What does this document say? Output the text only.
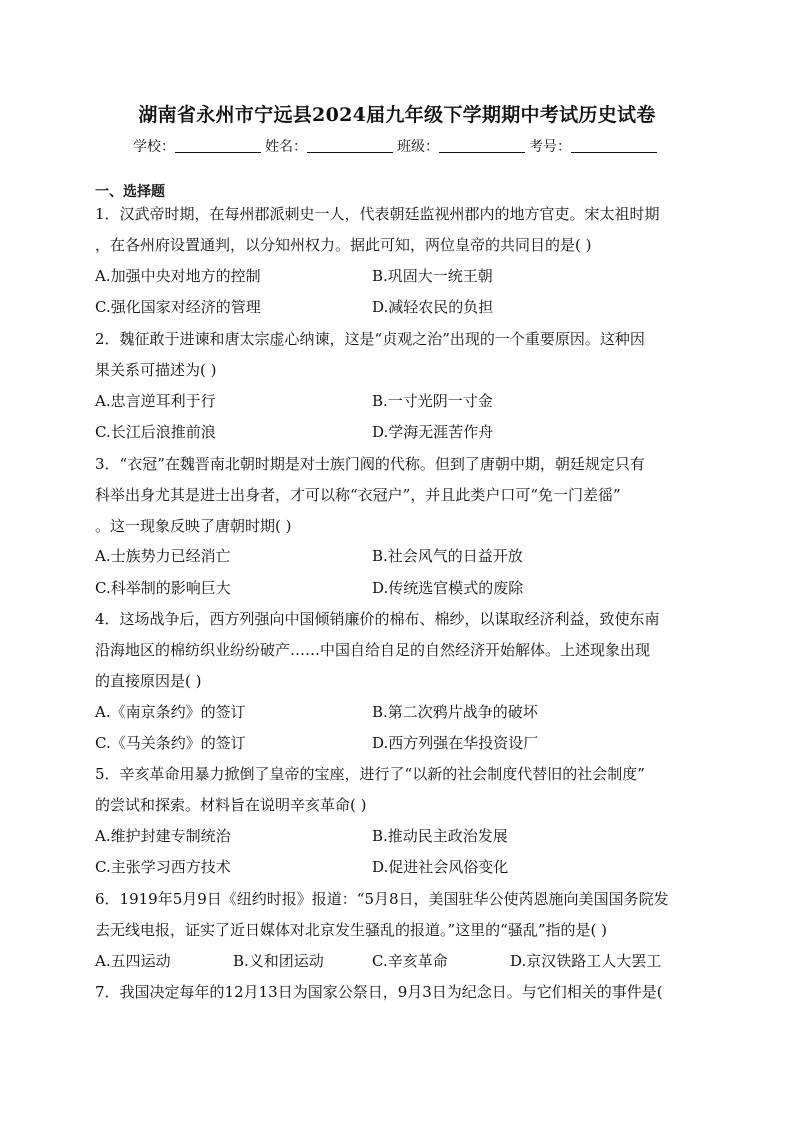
湖南省永州市宁远县2024届九年级下学期期中考试历史试卷
学校：	姓名：	班级：	考号：
一、选择题
1．汉武帝时期，在每州郡派刺史一人，代表朝廷监视州郡内的地方官吏。宋太祖时期
，在各州府设置通判，以分知州权力。据此可知，两位皇帝的共同目的是( )
A.加强中央对地方的控制	B.巩固大一统王朝
C.强化国家对经济的管理	D.减轻农民的负担
2．魏征敢于进谏和唐太宗虚心纳谏，这是“贞观之治”出现的一个重要原因。这种因
果关系可描述为( )
A.忠言逆耳利于行	B.一寸光阴一寸金
C.长江后浪推前浪	D.学海无涯苦作舟
3．“衣冠”在魏晋南北朝时期是对士族门阀的代称。但到了唐朝中期，朝廷规定只有
科举出身尤其是进士出身者，才可以称“衣冠户”，并且此类户口可“免一门差徭”
。这一现象反映了唐朝时期( )
A.士族势力已经消亡	B.社会风气的日益开放
C.科举制的影响巨大	D.传统选官模式的废除
4．这场战争后，西方列强向中国倾销廉价的棉布、棉纱，以谋取经济利益，致使东南
沿海地区的棉纺织业纷纷破产……中国自给自足的自然经济开始解体。上述现象出现
的直接原因是( )
A.《南京条约》的签订	B.第二次鸦片战争的破坏
C.《马关条约》的签订	D.西方列强在华投资设厂
5．辛亥革命用暴力掀倒了皇帝的宝座，进行了“以新的社会制度代替旧的社会制度”
的尝试和探索。材料旨在说明辛亥革命( )
A.维护封建专制统治	B.推动民主政治发展
C.主张学习西方技术	D.促进社会风俗变化
6．1919年5月9日《纽约时报》报道：“5月8日，美国驻华公使芮恩施向美国国务院发
去无线电报，证实了近日媒体对北京发生骚乱的报道。”这里的“骚乱”指的是( )
A.五四运动	B.义和团运动	C.辛亥革命	D.京汉铁路工人大罢工
7．我国决定每年的12月13日为国家公祭日，9月3日为纪念日。与它们相关的事件是(
